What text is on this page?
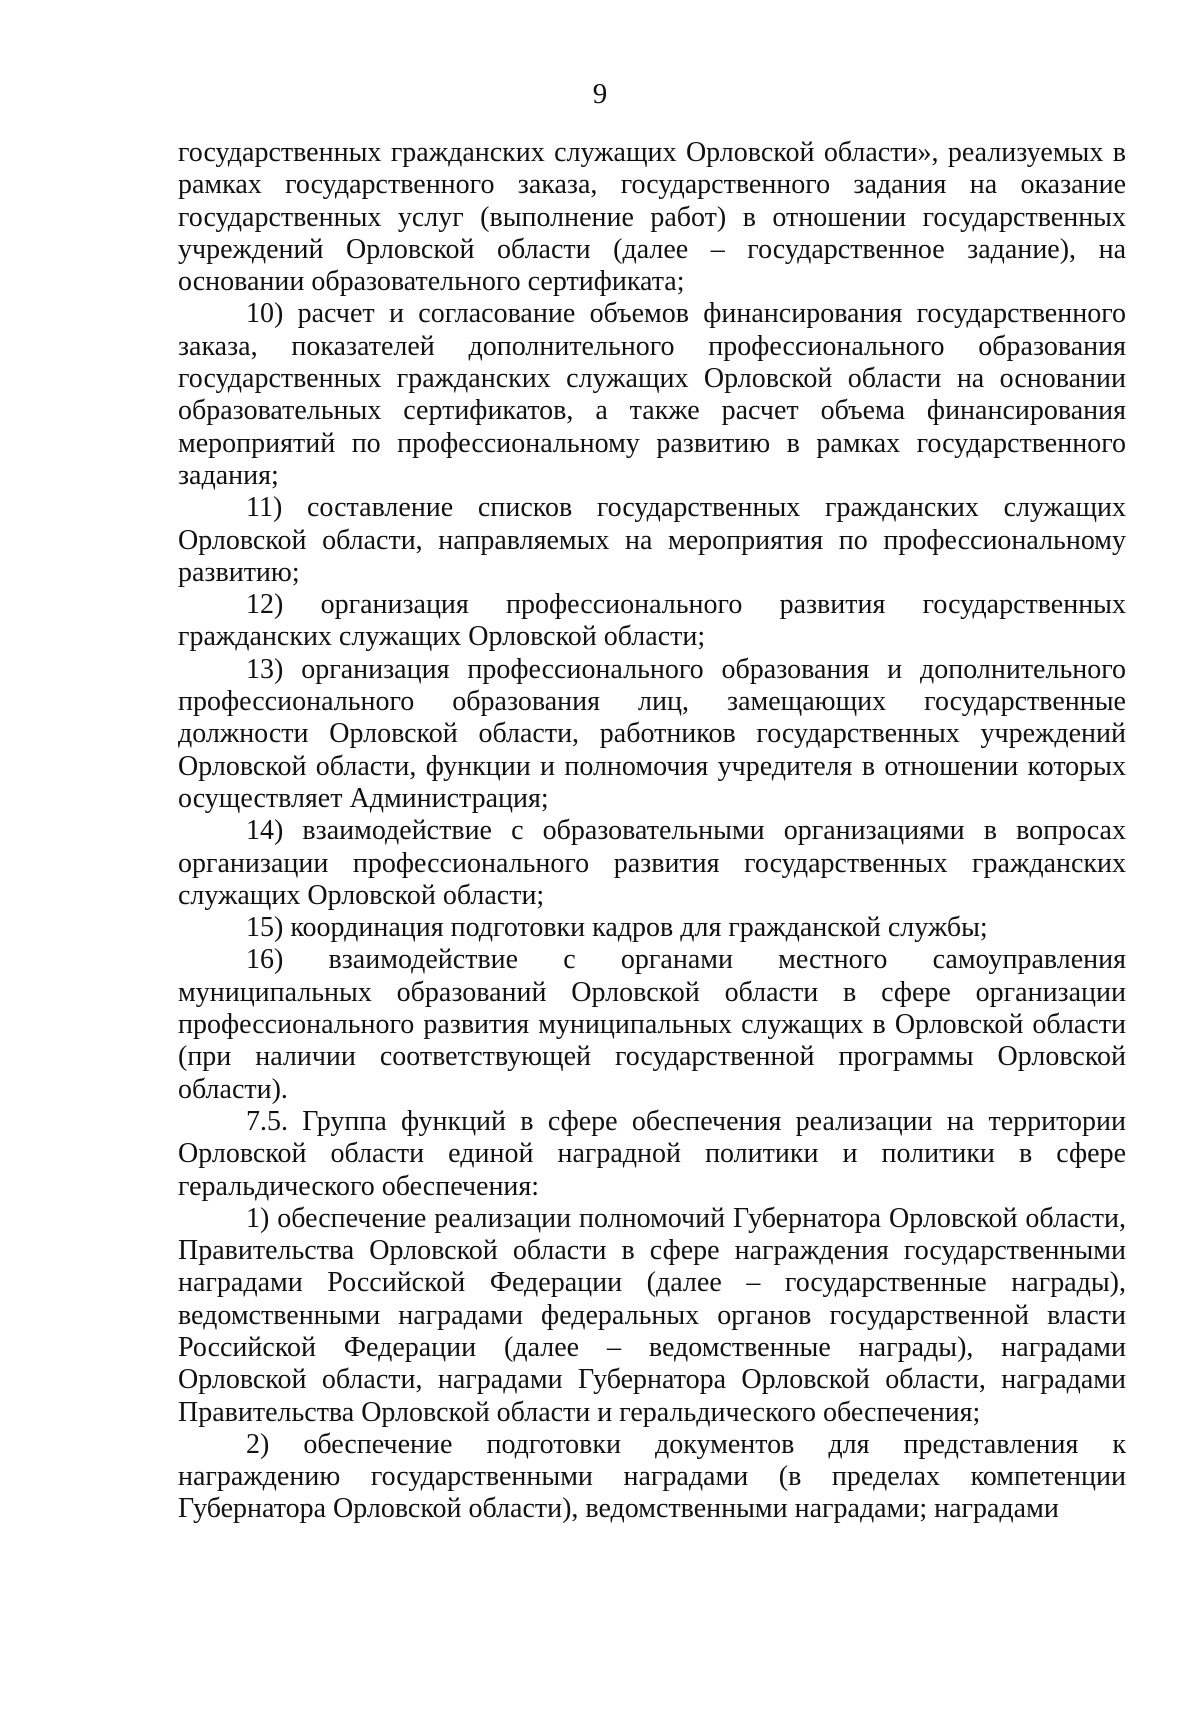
9

государственных гражданских служащих Орловской области», реализуемых в рамках государственного заказа, государственного задания на оказание государственных услуг (выполнение работ) в отношении государственных учреждений Орловской области (далее – государственное задание), на основании образовательного сертификата;

10) расчет и согласование объемов финансирования государственного заказа, показателей дополнительного профессионального образования государственных гражданских служащих Орловской области на основании образовательных сертификатов, а также расчет объема финансирования мероприятий по профессиональному развитию в рамках государственного задания;

11) составление списков государственных гражданских служащих Орловской области, направляемых на мероприятия по профессиональному развитию;

12) организация профессионального развития государственных гражданских служащих Орловской области;

13) организация профессионального образования и дополнительного профессионального образования лиц, замещающих государственные должности Орловской области, работников государственных учреждений Орловской области, функции и полномочия учредителя в отношении которых осуществляет Администрация;

14) взаимодействие с образовательными организациями в вопросах организации профессионального развития государственных гражданских служащих Орловской области;

15) координация подготовки кадров для гражданской службы;

16) взаимодействие с органами местного самоуправления муниципальных образований Орловской области в сфере организации профессионального развития муниципальных служащих в Орловской области (при наличии соответствующей государственной программы Орловской области).

7.5. Группа функций в сфере обеспечения реализации на территории Орловской области единой наградной политики и политики в сфере геральдического обеспечения:

1) обеспечение реализации полномочий Губернатора Орловской области, Правительства Орловской области в сфере награждения государственными наградами Российской Федерации (далее – государственные награды), ведомственными наградами федеральных органов государственной власти Российской Федерации (далее – ведомственные награды), наградами Орловской области, наградами Губернатора Орловской области, наградами Правительства Орловской области и геральдического обеспечения;

2) обеспечение подготовки документов для представления к награждению государственными наградами (в пределах компетенции Губернатора Орловской области), ведомственными наградами; наградами
